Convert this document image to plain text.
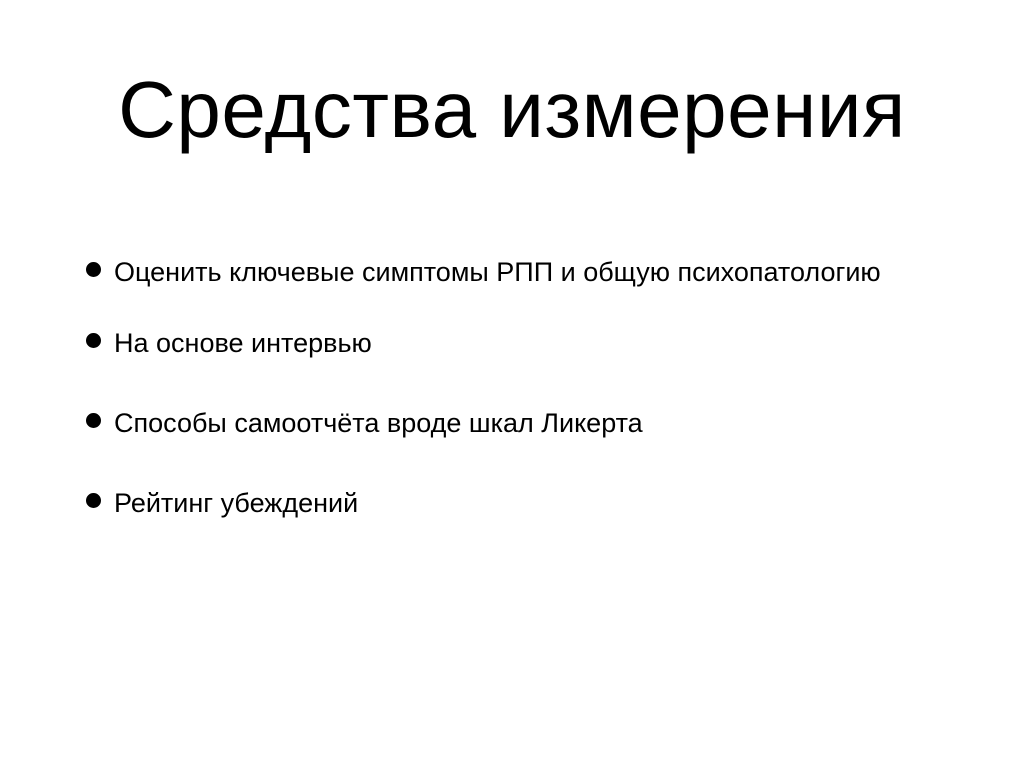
Средства измерения
Оценить ключевые симптомы РПП и общую психопатологию
На основе интервью
Способы самоотчёта вроде шкал Ликерта
Рейтинг убеждений
